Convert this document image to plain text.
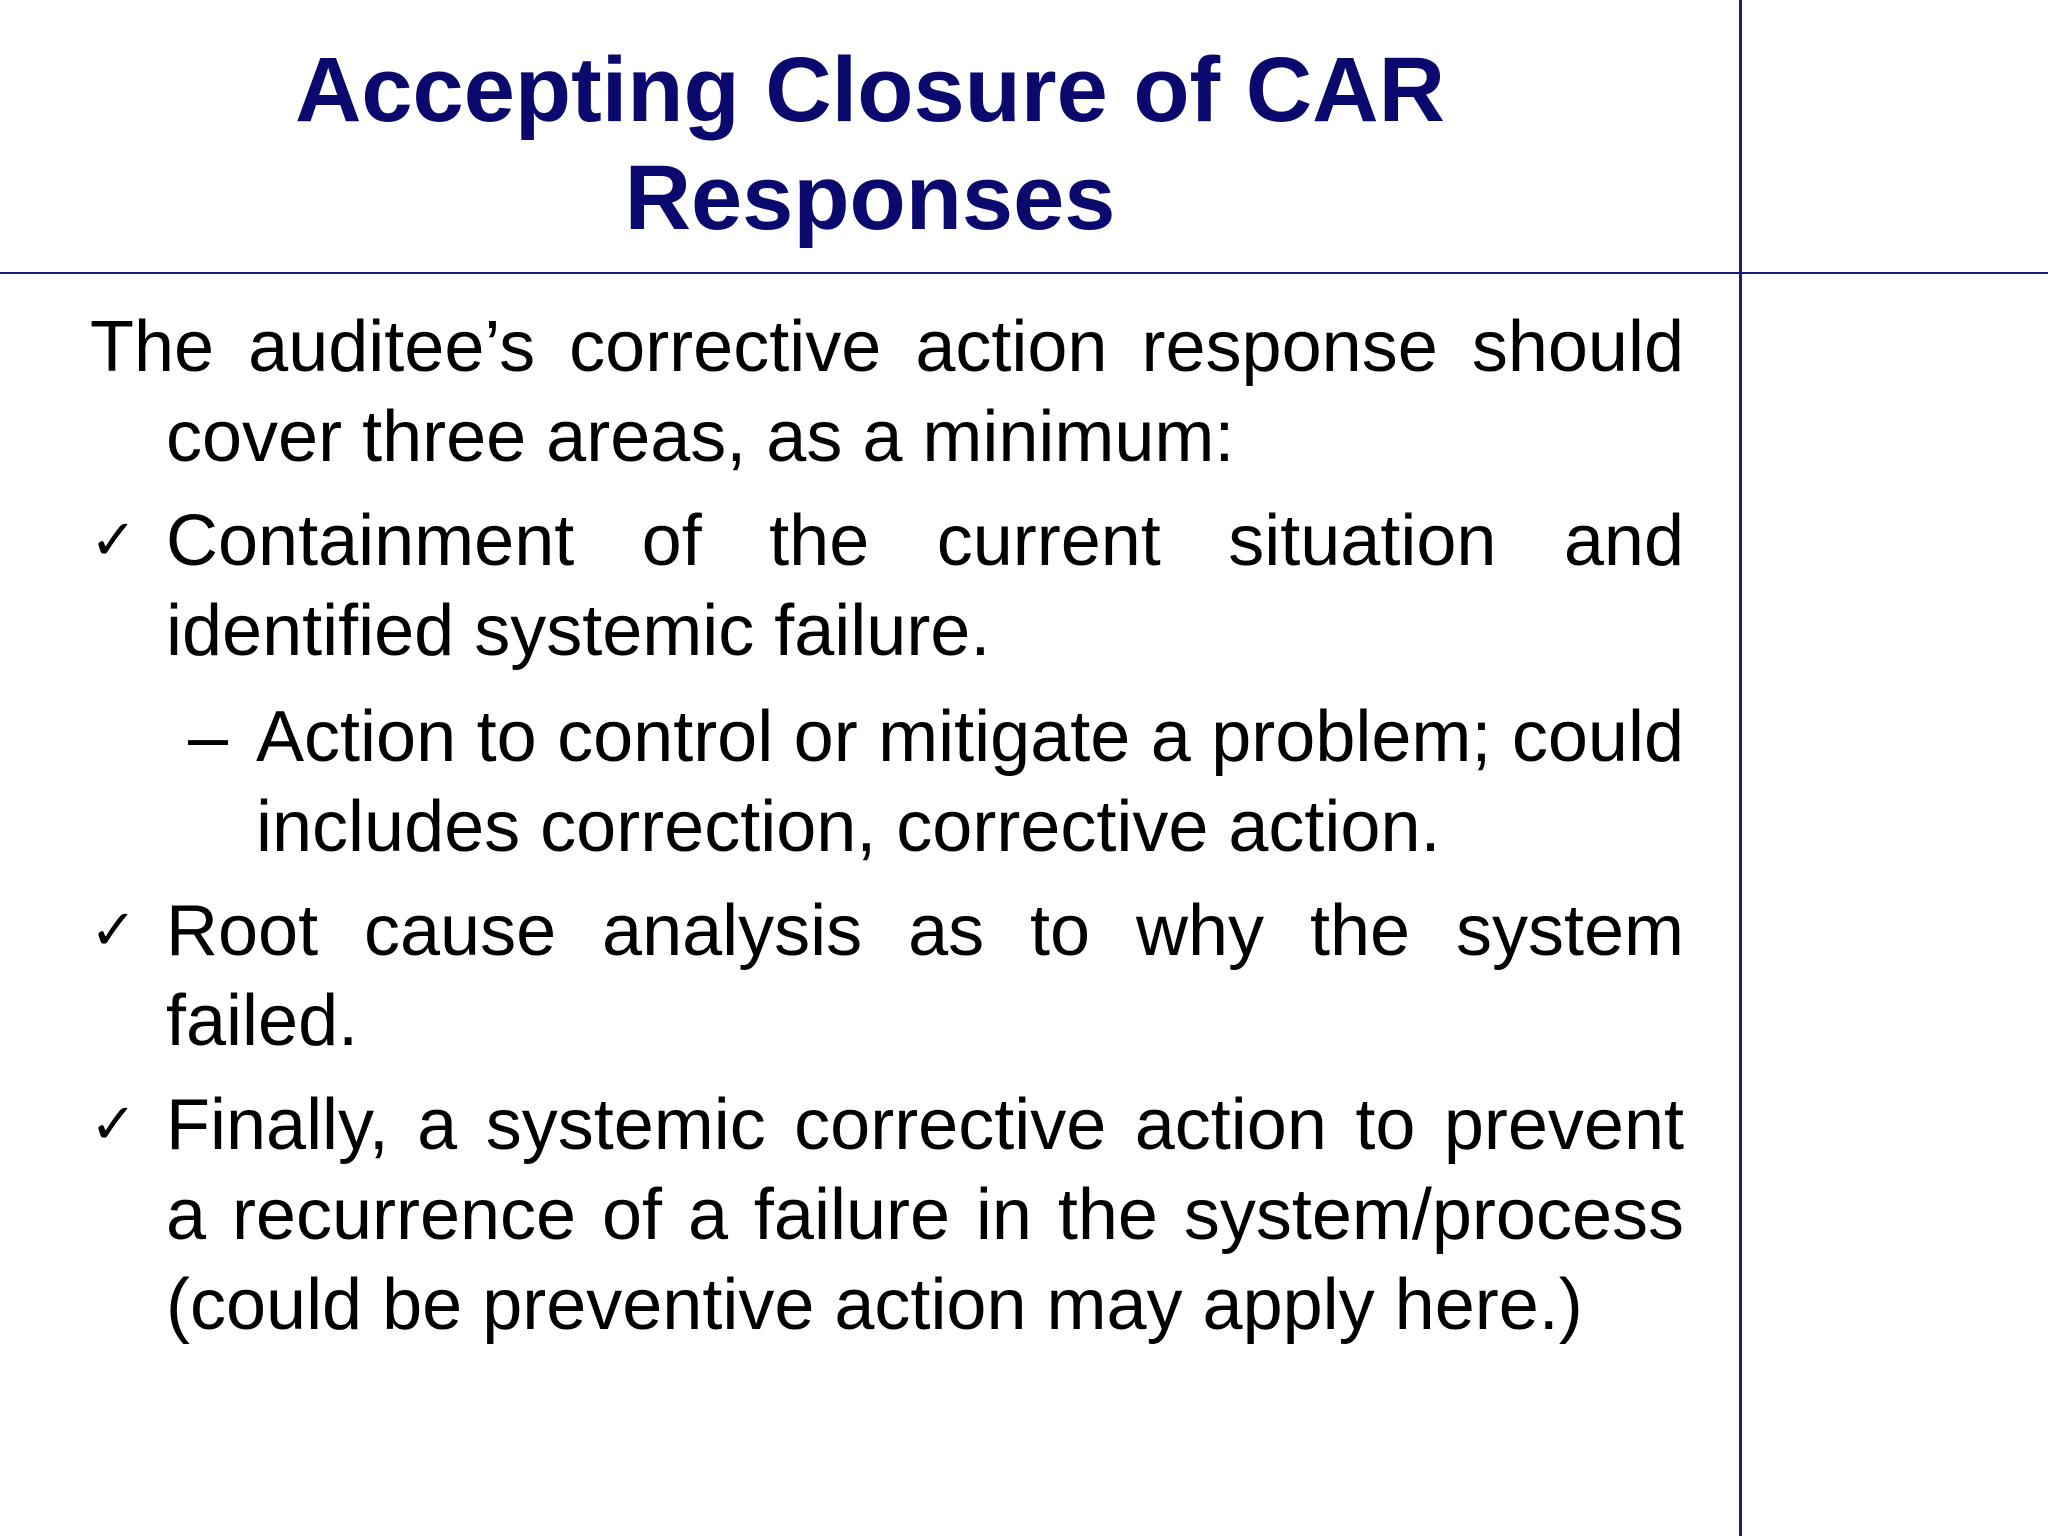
Accepting Closure of CAR
Responses

The auditee’s corrective action response should cover three areas, as a minimum:

✓ Containment of the current situation and identified systemic failure.
– Action to control or mitigate a problem; could includes correction, corrective action.
✓ Root cause analysis as to why the system failed.
✓ Finally, a systemic corrective action to prevent a recurrence of a failure in the system/process (could be preventive action may apply here.)
